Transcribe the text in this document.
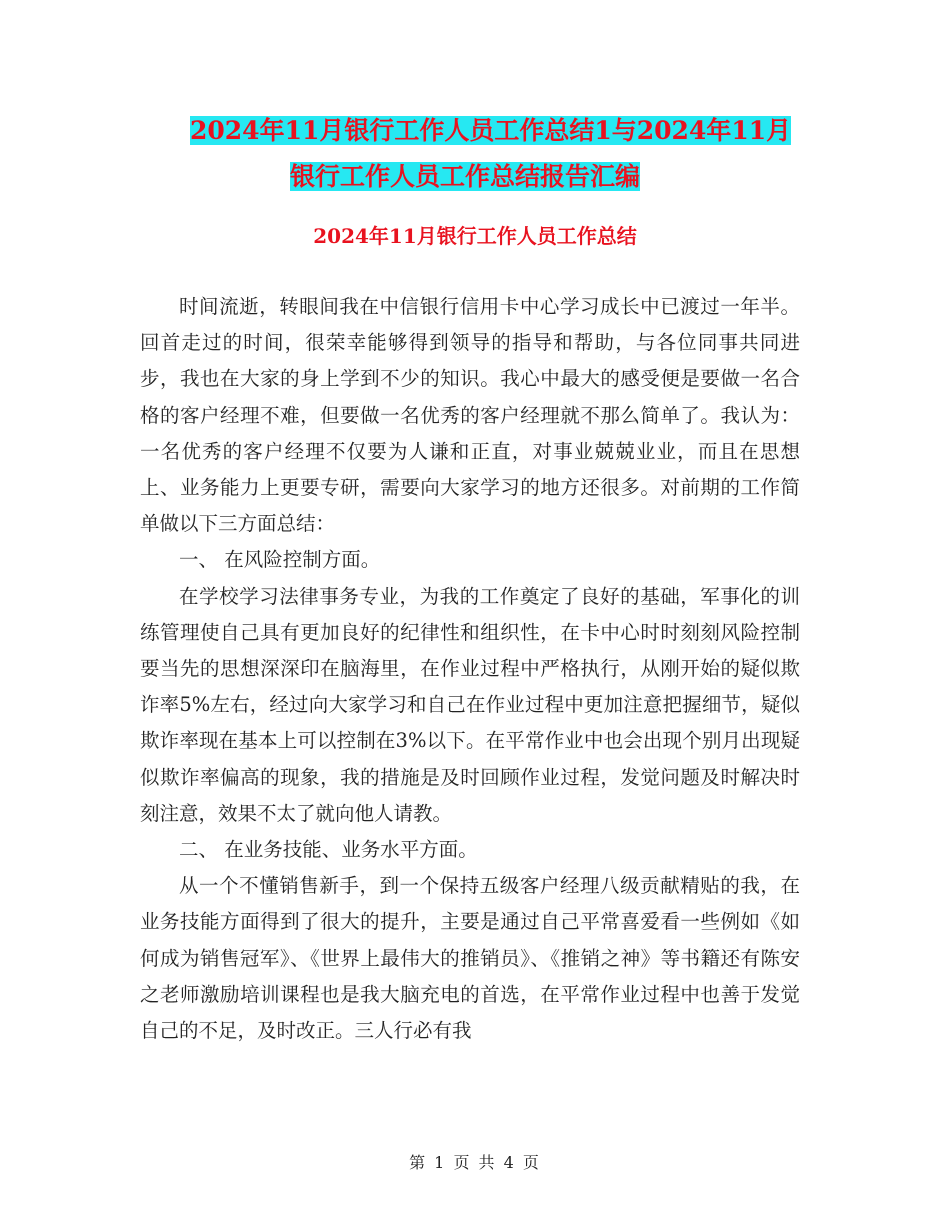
2024年11月银行工作人员工作总结1与2024年11月
银行工作人员工作总结报告汇编
2024年11月银行工作人员工作总结

时间流逝，转眼间我在中信银行信用卡中心学习成长中已渡过一年半。回首走过的时间，很荣幸能够得到领导的指导和帮助，与各位同事共同进步，我也在大家的身上学到不少的知识。我心中最大的感受便是要做一名合格的客户经理不难，但要做一名优秀的客户经理就不那么简单了。我认为：一名优秀的客户经理不仅要为人谦和正直，对事业兢兢业业，而且在思想上、业务能力上更要专研，需要向大家学习的地方还很多。对前期的工作简单做以下三方面总结：

一、 在风险控制方面。

在学校学习法律事务专业，为我的工作奠定了良好的基础，军事化的训练管理使自己具有更加良好的纪律性和组织性，在卡中心时时刻刻风险控制要当先的思想深深印在脑海里，在作业过程中严格执行，从刚开始的疑似欺诈率5%左右，经过向大家学习和自己在作业过程中更加注意把握细节，疑似欺诈率现在基本上可以控制在3%以下。在平常作业中也会出现个别月出现疑似欺诈率偏高的现象，我的措施是及时回顾作业过程，发觉问题及时解决时刻注意，效果不太了就向他人请教。

二、 在业务技能、业务水平方面。

从一个不懂销售新手，到一个保持五级客户经理八级贡献精贴的我，在业务技能方面得到了很大的提升，主要是通过自己平常喜爱看一些例如《如何成为销售冠军》、《世界上最伟大的推销员》、《推销之神》等书籍还有陈安之老师激励培训课程也是我大脑充电的首选，在平常作业过程中也善于发觉自己的不足，及时改正。三人行必有我

第 1 页 共 4 页
